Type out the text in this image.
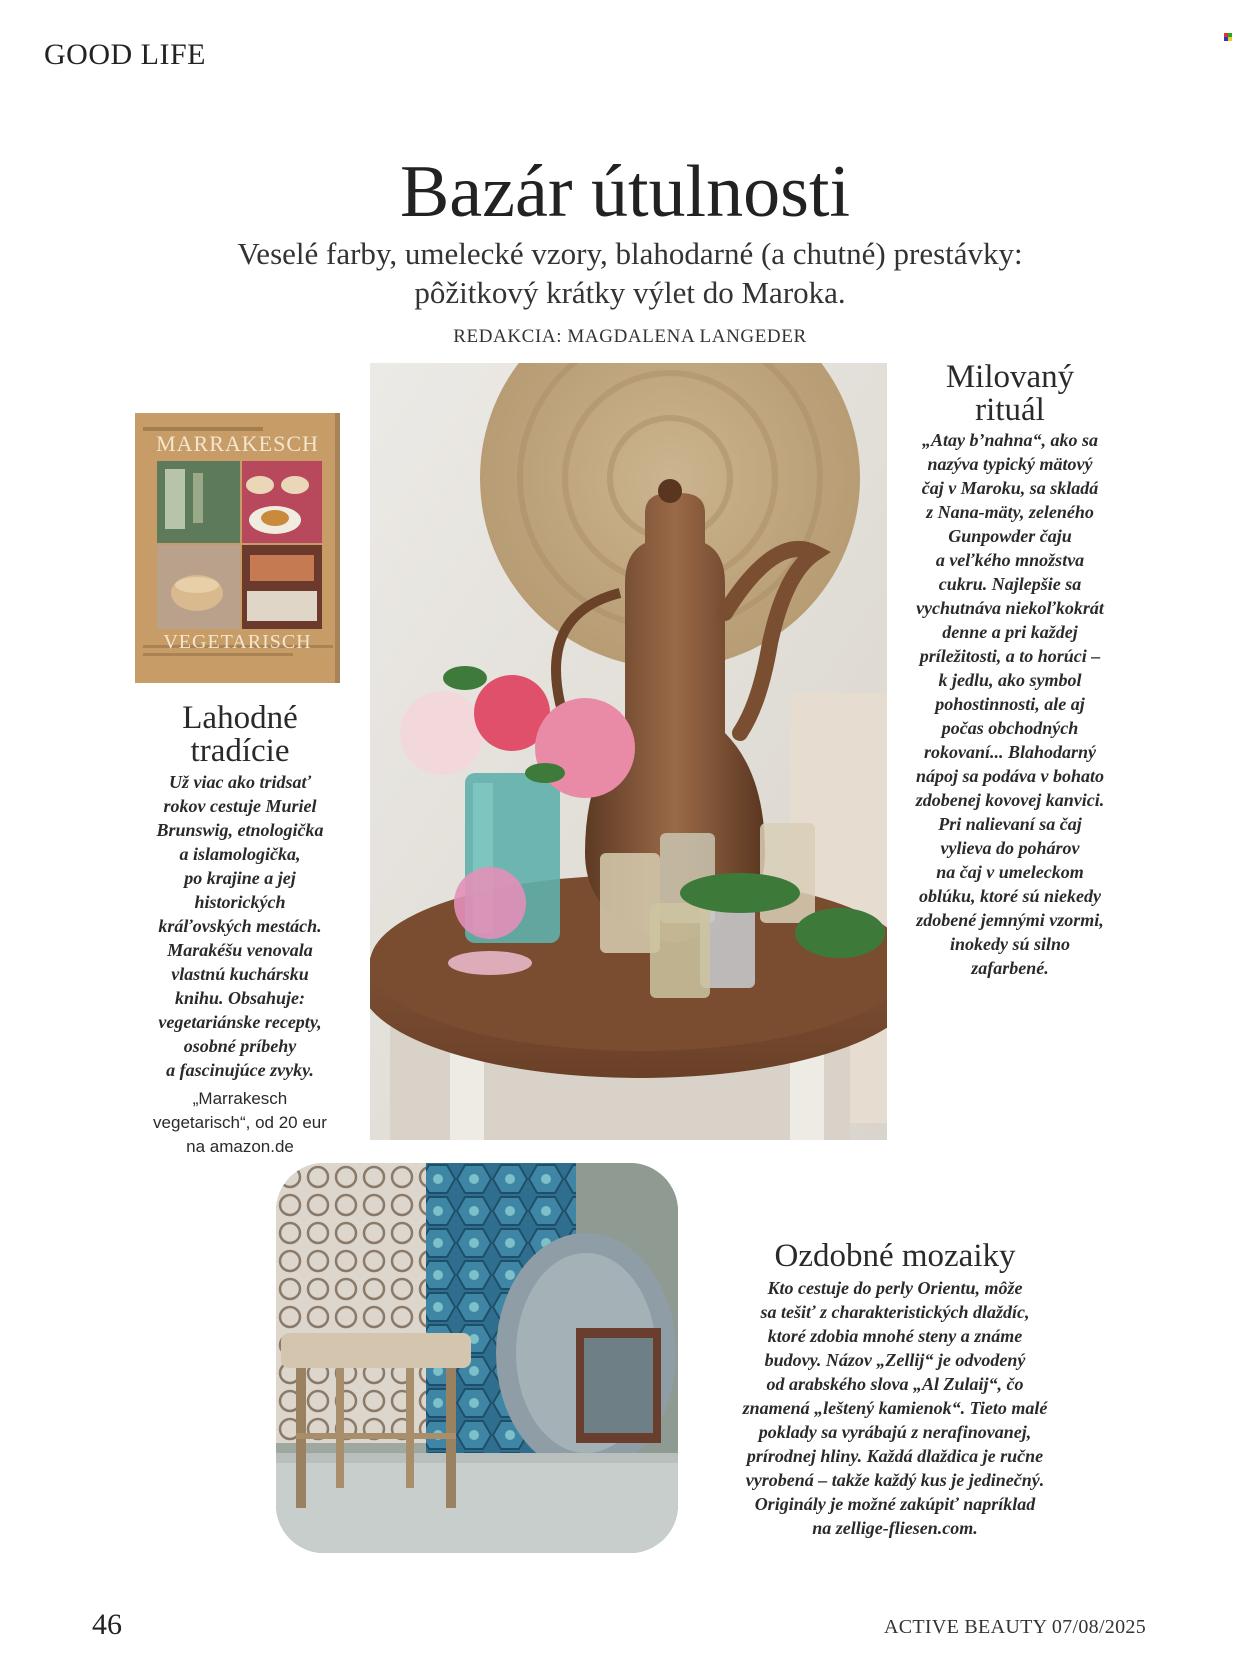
GOOD LIFE
Bazár útulnosti
Veselé farby, umelecké vzory, blahodarné (a chutné) prestávky:
pôžitkový krátky výlet do Maroka.
REDAKCIA: MAGDALENA LANGEDER
MARRAKESCH
VEGETARISCH
Lahodné
tradície
Už viac ako tridsať
rokov cestuje Muriel
Brunswig, etnologička
a islamologička,
po krajine a jej
historických
kráľovských mestách.
Marakéšu venovala
vlastnú kuchársku
knihu. Obsahuje:
vegetariánske recepty,
osobné príbehy
a fascinujúce zvyky.
„Marrakesch
vegetarisch“, od 20 eur
na amazon.de
Milovaný
rituál
„Atay b’nahna“, ako sa
nazýva typický mätový
čaj v Maroku, sa skladá
z Nana-mäty, zeleného
Gunpowder čaju
a veľkého množstva
cukru. Najlepšie sa
vychutnáva niekoľkokrát
denne a pri každej
príležitosti, a to horúci –
k jedlu, ako symbol
pohostinnosti, ale aj
počas obchodných
rokovaní... Blahodarný
nápoj sa podáva v bohato
zdobenej kovovej kanvici.
Pri nalievaní sa čaj
vylieva do pohárov
na čaj v umeleckom
oblúku, ktoré sú niekedy
zdobené jemnými vzormi,
inokedy sú silno
zafarbené.
Ozdobné mozaiky
Kto cestuje do perly Orientu, môže
sa tešiť z charakteristických dlaždíc,
ktoré zdobia mnohé steny a známe
budovy. Názov „Zellij“ je odvodený
od arabského slova „Al Zulaij“, čo
znamená „leštený kamienok“. Tieto malé
poklady sa vyrábajú z nerafinovanej,
prírodnej hliny. Každá dlaždica je ručne
vyrobená – takže každý kus je jedinečný.
Originály je možné zakúpiť napríklad
na zellige-fliesen.com.
46	ACTIVE BEAUTY 07/08/2025
